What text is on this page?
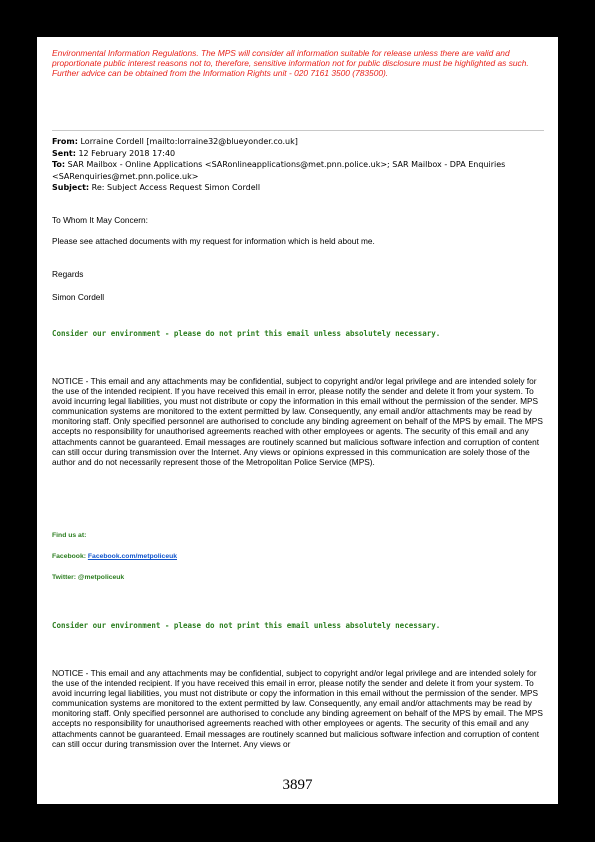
Environmental Information Regulations. The MPS will consider all information suitable for release unless there are valid and proportionate public interest reasons not to, therefore, sensitive information not for public disclosure must be highlighted as such. Further advice can be obtained from the Information Rights unit - 020 7161 3500 (783500).

From: Lorraine Cordell [mailto:lorraine32@blueyonder.co.uk]

Sent: 12 February 2018 17:40

To: SAR Mailbox - Online Applications <SARonlineapplications@met.pnn.police.uk>; SAR Mailbox - DPA Enquiries <SARenquiries@met.pnn.police.uk>

Subject: Re: Subject Access Request Simon Cordell

To Whom It May Concern:
Please see attached documents with my request for information which is held about me.
Regards
Simon Cordell
Consider our environment - please do not print this email unless absolutely necessary.
NOTICE - This email and any attachments may be confidential, subject to copyright and/or legal privilege and are intended solely for the use of the intended recipient. If you have received this email in error, please notify the sender and delete it from your system. To avoid incurring legal liabilities, you must not distribute or copy the information in this email without the permission of the sender. MPS communication systems are monitored to the extent permitted by law. Consequently, any email and/or attachments may be read by monitoring staff. Only specified personnel are authorised to conclude any binding agreement on behalf of the MPS by email. The MPS accepts no responsibility for unauthorised agreements reached with other employees or agents. The security of this email and any attachments cannot be guaranteed. Email messages are routinely scanned but malicious software infection and corruption of content can still occur during transmission over the Internet. Any views or opinions expressed in this communication are solely those of the author and do not necessarily represent those of the Metropolitan Police Service (MPS).
Find us at:
Facebook: Facebook.com/metpoliceuk
Twitter: @metpoliceuk
Consider our environment - please do not print this email unless absolutely necessary.
NOTICE - This email and any attachments may be confidential, subject to copyright and/or legal privilege and are intended solely for the use of the intended recipient. If you have received this email in error, please notify the sender and delete it from your system. To avoid incurring legal liabilities, you must not distribute or copy the information in this email without the permission of the sender. MPS communication systems are monitored to the extent permitted by law. Consequently, any email and/or attachments may be read by monitoring staff. Only specified personnel are authorised to conclude any binding agreement on behalf of the MPS by email. The MPS accepts no responsibility for unauthorised agreements reached with other employees or agents. The security of this email and any attachments cannot be guaranteed. Email messages are routinely scanned but malicious software infection and corruption of content can still occur during transmission over the Internet. Any views or
3897
